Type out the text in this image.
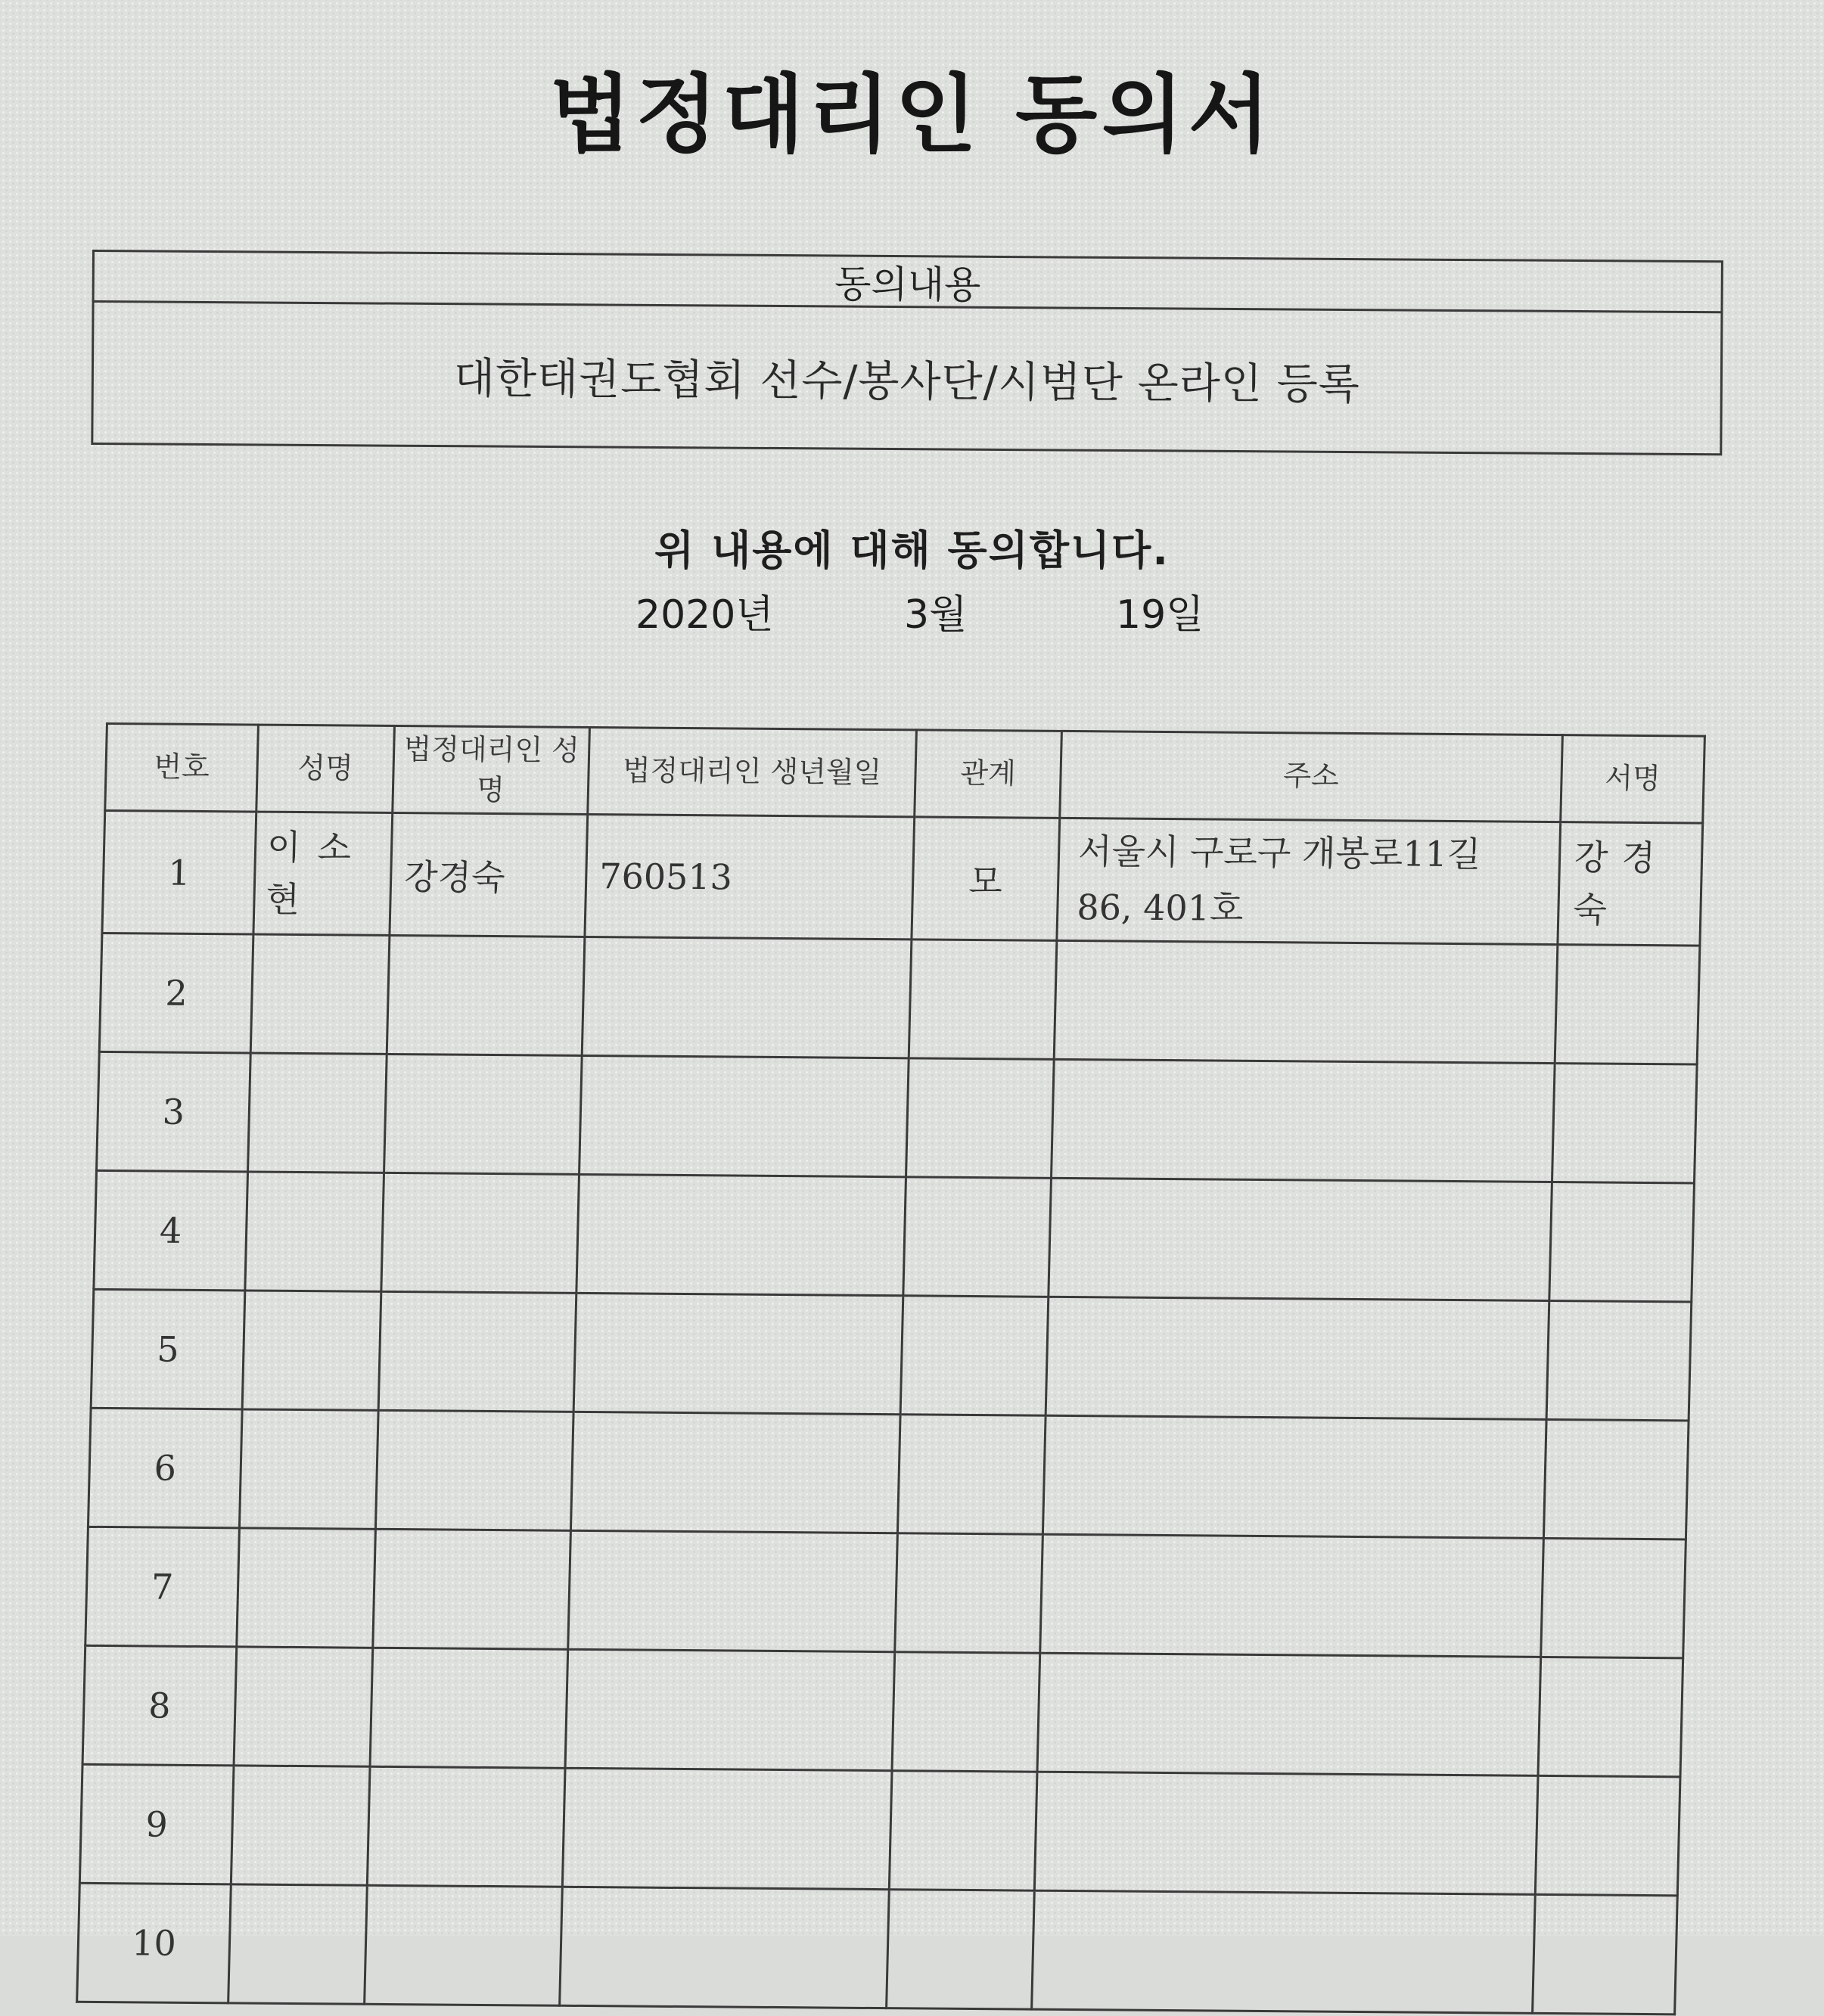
법정대리인 동의서
동의내용
대한태권도협회 선수/봉사단/시범단 온라인 등록
위 내용에 대해 동의합니다.
2020년	3월	19일
번호	성명	법정대리인 성명	법정대리인 생년월일	관계	주소	서명
1	이소현	강경숙	760513	모	서울시 구로구 개봉로11길 86, 401호	강경숙
2						
3						
4						
5						
6						
7						
8						
9						
10						
